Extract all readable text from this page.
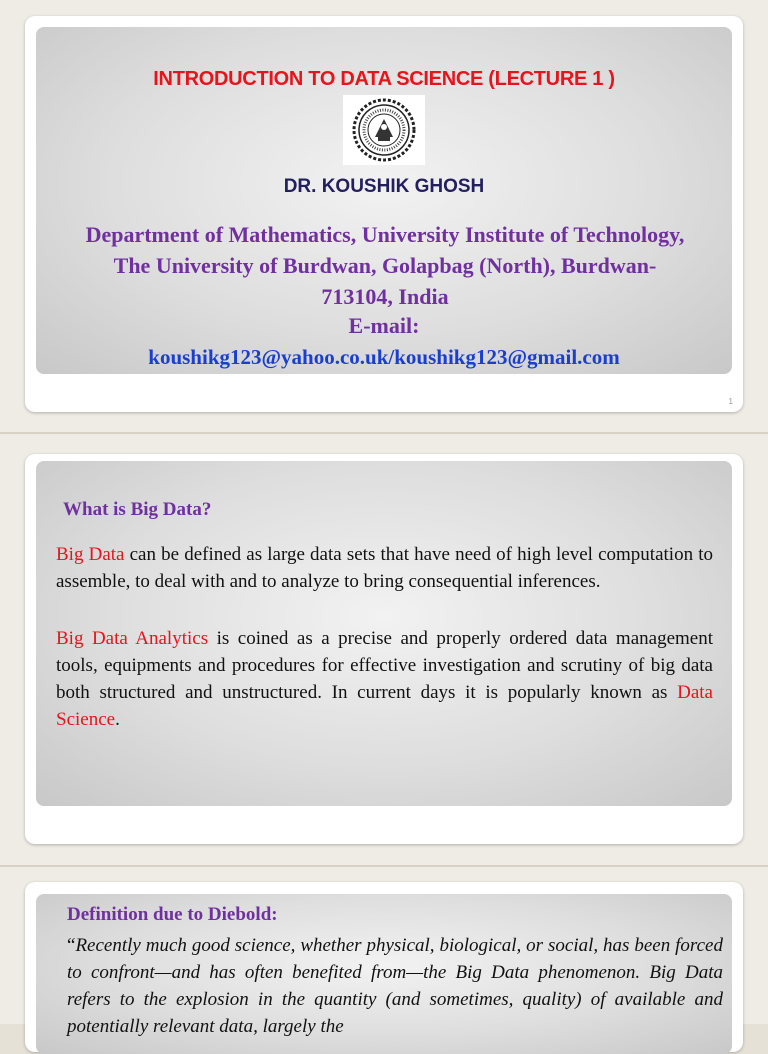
INTRODUCTION TO DATA SCIENCE (LECTURE 1 )
DR. KOUSHIK GHOSH
Department of Mathematics, University Institute of Technology, The University of Burdwan, Golapbag (North), Burdwan-713104, India
E-mail:
koushikg123@yahoo.co.uk/koushikg123@gmail.com
1
What is Big Data?

Big Data can be defined as large data sets that have need of high level computation to assemble, to deal with and to analyze to bring consequential inferences.

Big Data Analytics is coined as a precise and properly ordered data management tools, equipments and procedures for effective investigation and scrutiny of big data both structured and unstructured. In current days it is popularly known as Data Science.

Definition due to Diebold:

“Recently much good science, whether physical, biological, or social, has been forced to confront—and has often benefited from—the Big Data phenomenon. Big Data refers to the explosion in the quantity (and sometimes, quality) of available and potentially relevant data, largely the
